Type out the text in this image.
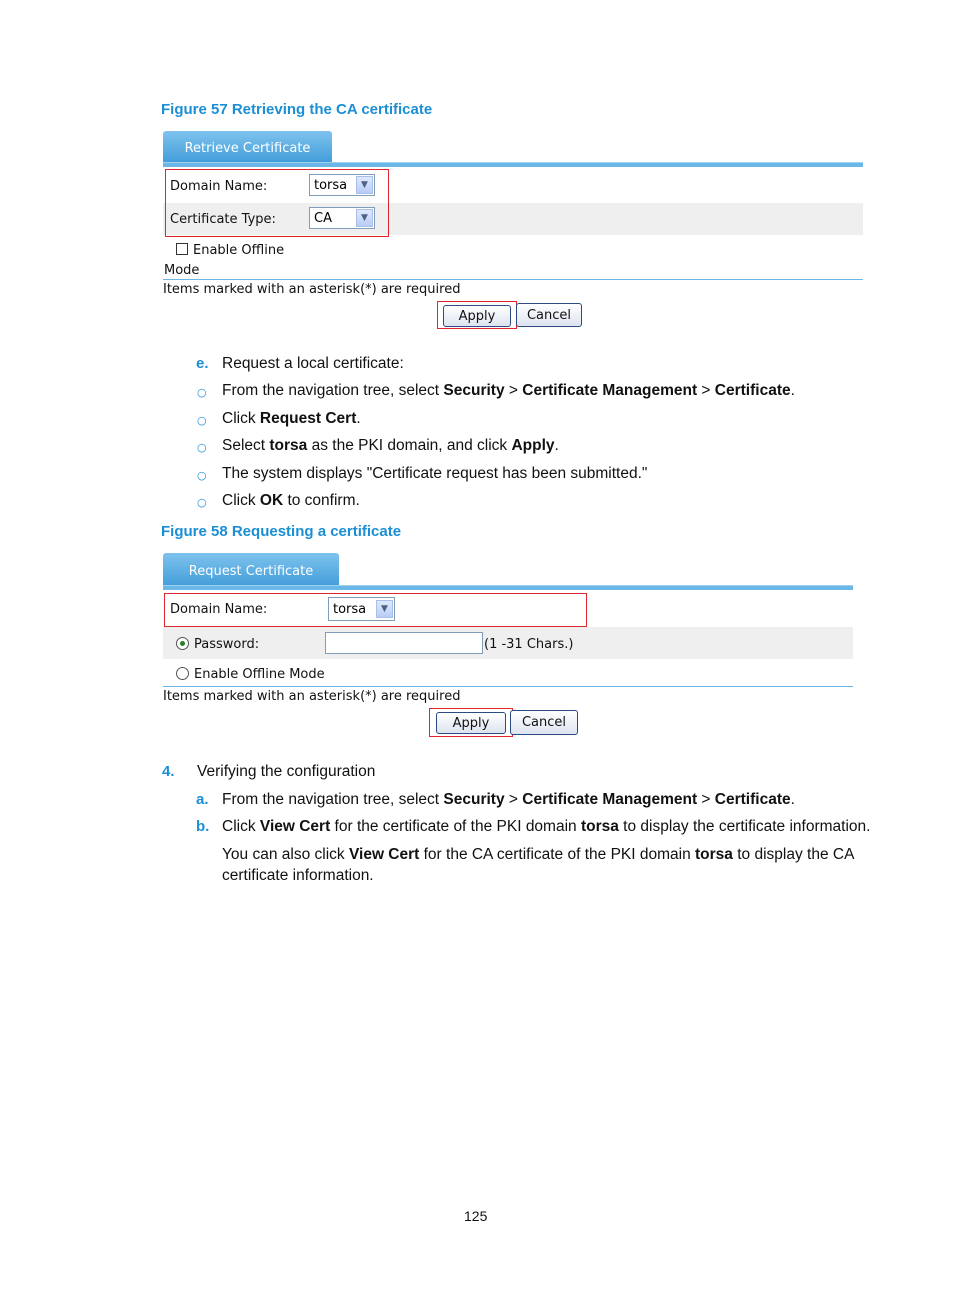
Figure 57 Retrieving the CA certificate
Retrieve Certificate
Domain Name:	torsa	▼
Certificate Type:	CA	▼
Enable Offline
Mode
Items marked with an asterisk(*) are required
Apply	Cancel
e. Request a local certificate:
○ From the navigation tree, select Security > Certificate Management > Certificate.
○ Click Request Cert.
○ Select torsa as the PKI domain, and click Apply.
○ The system displays "Certificate request has been submitted."
○ Click OK to confirm.
Figure 58 Requesting a certificate
Request Certificate
Domain Name:	torsa	▼
Password:	(1 -31 Chars.)
Enable Offline Mode
Items marked with an asterisk(*) are required
Apply	Cancel
4. Verifying the configuration
a. From the navigation tree, select Security > Certificate Management > Certificate.
b. Click View Cert for the certificate of the PKI domain torsa to display the certificate information.
You can also click View Cert for the CA certificate of the PKI domain torsa to display the CA
certificate information.
125
